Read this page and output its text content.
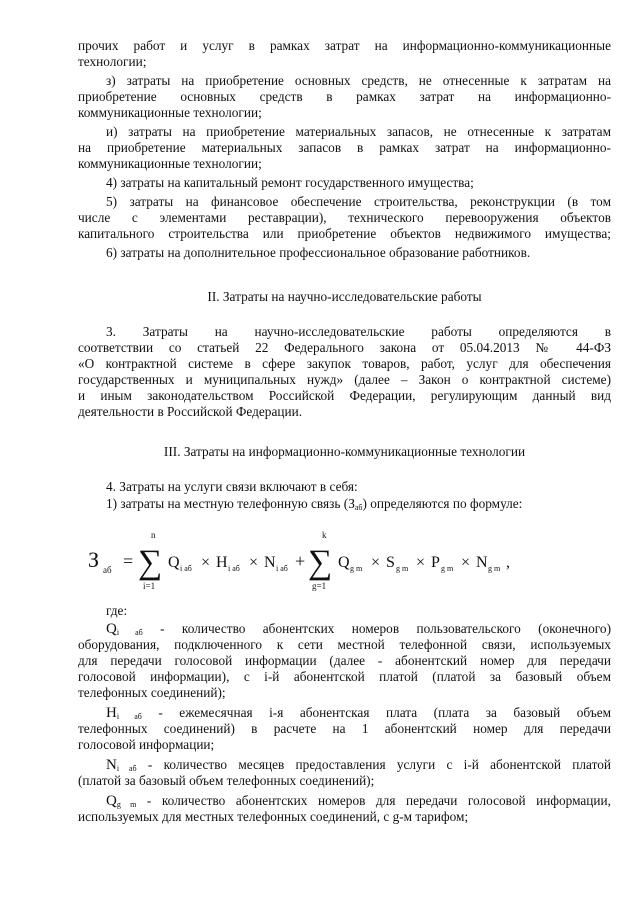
прочих работ и услуг в рамках затрат на информационно-коммуникационные
технологии;
з) затраты на приобретение основных средств, не отнесенные к затратам на
приобретение основных средств в рамках затрат на информационно-
коммуникационные технологии;
и) затраты на приобретение материальных запасов, не отнесенные к затратам
на приобретение материальных запасов в рамках затрат на информационно-
коммуникационные технологии;
4) затраты на капитальный ремонт государственного имущества;
5) затраты на финансовое обеспечение строительства, реконструкции (в том
числе с элементами реставрации), технического перевооружения объектов
капитального строительства или приобретение объектов недвижимого имущества;
6) затраты на дополнительное профессиональное образование работников.
II. Затраты на научно-исследовательские работы
3. Затраты на научно-исследовательские работы определяются в
соответствии со статьей 22 Федерального закона от 05.04.2013 № 44-ФЗ
«О контрактной системе в сфере закупок товаров, работ, услуг для обеспечения
государственных и муниципальных нужд» (далее – Закон о контрактной системе)
и иным законодательством Российской Федерации, регулирующим данный вид
деятельности в Российской Федерации.
III. Затраты на информационно-коммуникационные технологии
4. Затраты на услуги связи включают в себя:
1) затраты на местную телефонную связь $(З_{аб})$ определяются по формуле:
З аб =
n
∑
i=1
Q i аб × H i аб × N i аб +
k
∑
g=1
Q g m × S g m × P g m × N g m ,
где:
$Q_{i аб}$ - количество абонентских номеров пользовательского (оконечного)
оборудования, подключенного к сети местной телефонной связи, используемых
для передачи голосовой информации (далее - абонентский номер для передачи
голосовой информации), с i-й абонентской платой (платой за базовый объем
телефонных соединений);
$H_{i аб}$ - ежемесячная i-я абонентская плата (плата за базовый объем
телефонных соединений) в расчете на 1 абонентский номер для передачи
голосовой информации;
$N_{i аб}$ - количество месяцев предоставления услуги с i-й абонентской платой
(платой за базовый объем телефонных соединений);
$Q_{g m}$ - количество абонентских номеров для передачи голосовой информации,
используемых для местных телефонных соединений, с g-м тарифом;
